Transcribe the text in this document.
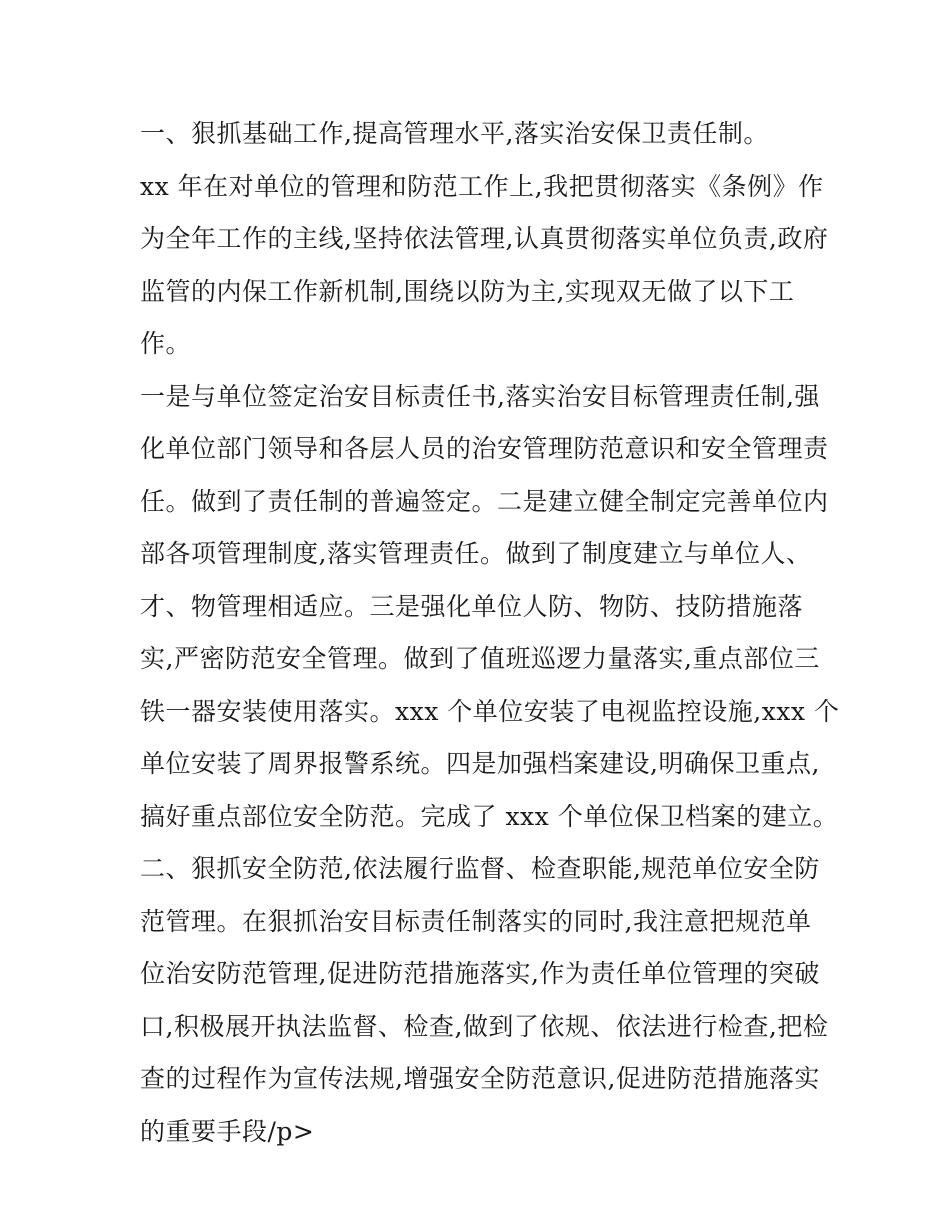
一、狠抓基础工作,提高管理水平,落实治安保卫责任制。
xx 年在对单位的管理和防范工作上,我把贯彻落实《条例》作
为全年工作的主线,坚持依法管理,认真贯彻落实单位负责,政府
监管的内保工作新机制,围绕以防为主,实现双无做了以下工
作。
一是与单位签定治安目标责任书,落实治安目标管理责任制,强
化单位部门领导和各层人员的治安管理防范意识和安全管理责
任。做到了责任制的普遍签定。二是建立健全制定完善单位内
部各项管理制度,落实管理责任。做到了制度建立与单位人、
才、物管理相适应。三是强化单位人防、物防、技防措施落
实,严密防范安全管理。做到了值班巡逻力量落实,重点部位三
铁一器安装使用落实。xxx 个单位安装了电视监控设施,xxx 个
单位安装了周界报警系统。四是加强档案建设,明确保卫重点,
搞好重点部位安全防范。完成了 xxx 个单位保卫档案的建立。
二、狠抓安全防范,依法履行监督、检查职能,规范单位安全防
范管理。在狠抓治安目标责任制落实的同时,我注意把规范单
位治安防范管理,促进防范措施落实,作为责任单位管理的突破
口,积极展开执法监督、检查,做到了依规、依法进行检查,把检
查的过程作为宣传法规,增强安全防范意识,促进防范措施落实
的重要手段/p>
